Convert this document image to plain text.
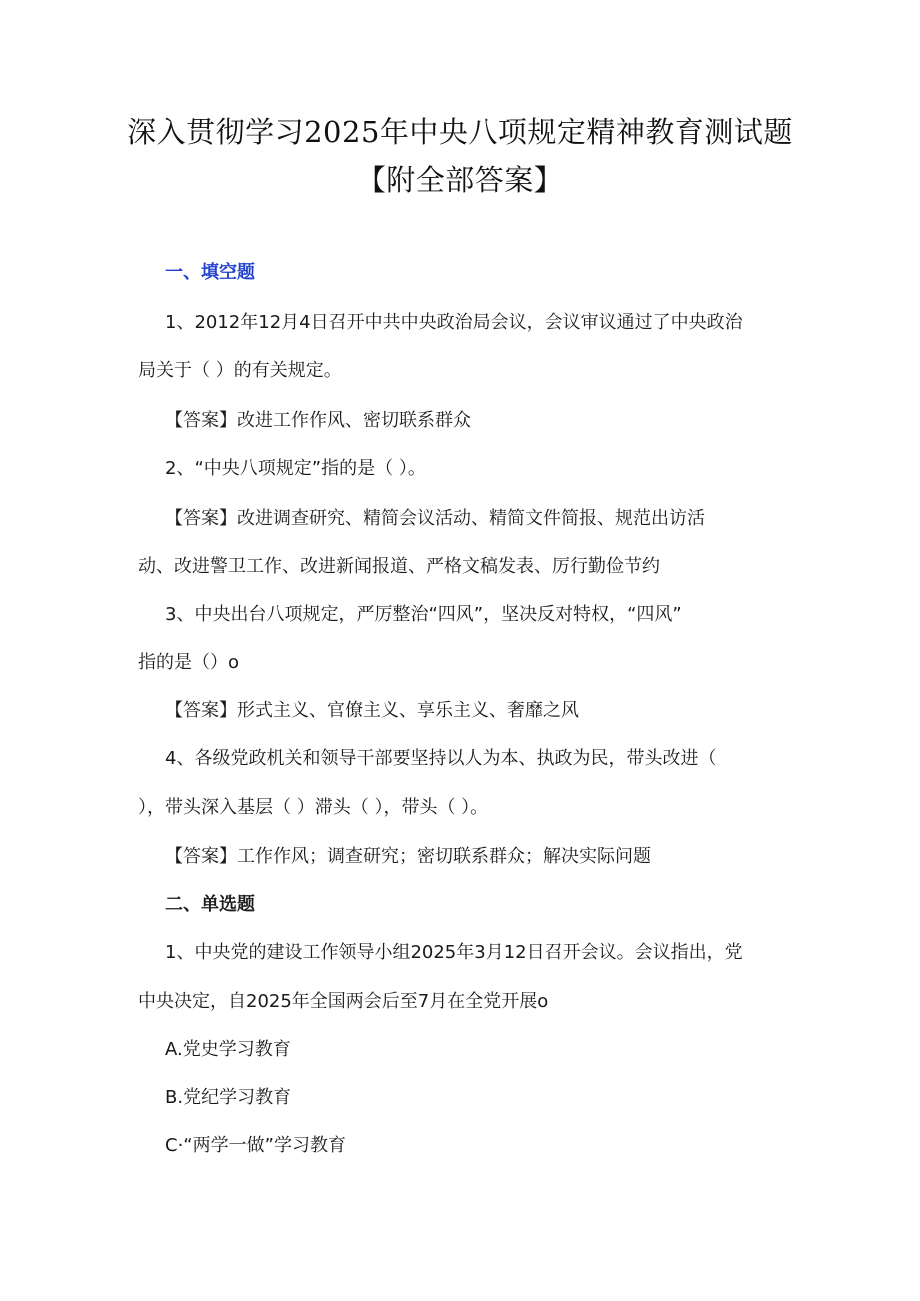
深入贯彻学习2025年中央八项规定精神教育测试题
【附全部答案】
一、填空题
1、2012年12月4日召开中共中央政治局会议，会议审议通过了中央政治
局关于（ ）的有关规定。
【答案】改进工作作风、密切联系群众
2、“中央八项规定”指的是（ ）。
【答案】改进调查研究、精简会议活动、精简文件简报、规范出访活
动、改进警卫工作、改进新闻报道、严格文稿发表、厉行勤俭节约
3、中央出台八项规定，严厉整治“四风”，坚决反对特权，“四风”
指的是（）o
【答案】形式主义、官僚主义、享乐主义、奢靡之风
4、各级党政机关和领导干部要坚持以人为本、执政为民，带头改进（
），带头深入基层（ ）滞头（ ），带头（ ）。
【答案】工作作风；调查研究；密切联系群众；解决实际问题
二、单选题
1、中央党的建设工作领导小组2025年3月12日召开会议。会议指出，党
中央决定，自2025年全国两会后至7月在全党开展o
A.党史学习教育
B.党纪学习教育
C·“两学一做”学习教育
